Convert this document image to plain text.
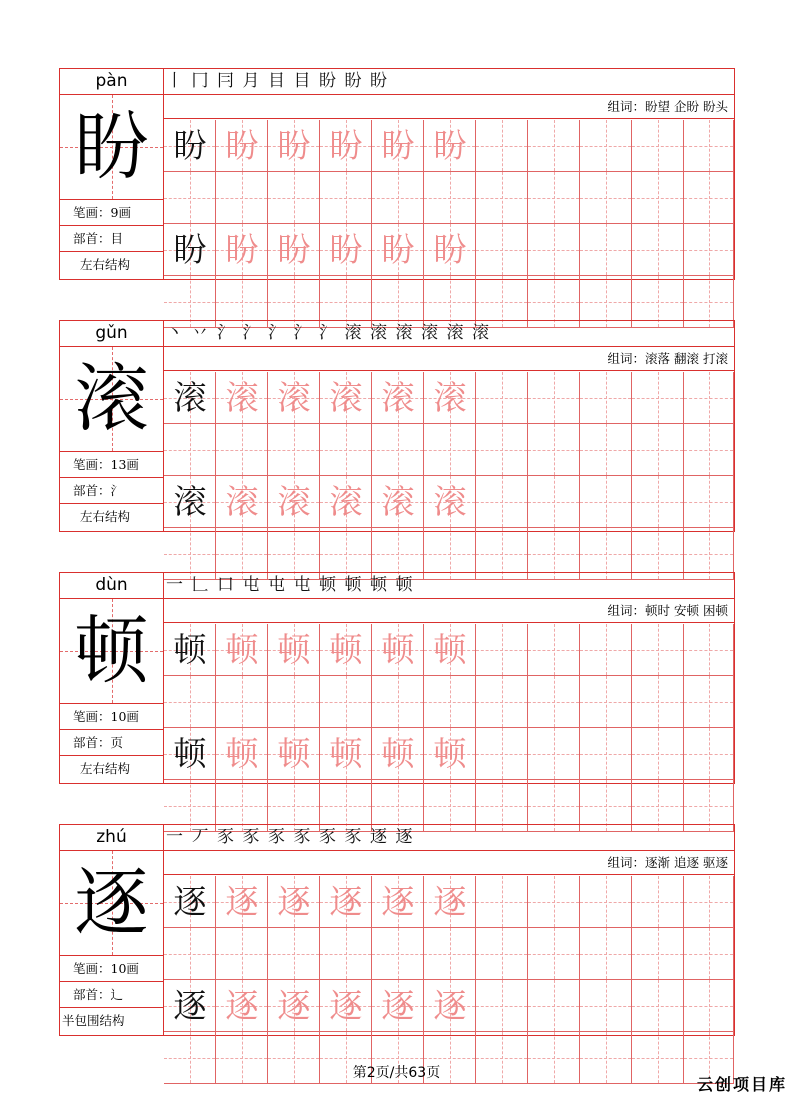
pàn
盼
笔画：9画
部首：目
左右结构
丨 冂 冃 月 目 目 盼 盼 盼
组词：盼望 企盼 盼头
盼 盼 盼 盼 盼 盼
盼 盼 盼 盼 盼 盼
gǔn
滚
笔画：13画
部首：氵
左右结构
丶 丷 氵 氵 氵 氵 氵 滚 滚 滚 滚 滚 滚
组词：滚落 翻滚 打滚
滚 滚 滚 滚 滚 滚
滚 滚 滚 滚 滚 滚
dùn
顿
笔画：10画
部首：页
左右结构
一 𠃊 口 屯 屯 屯 顿 顿 顿 顿
组词：顿时 安顿 困顿
顿 顿 顿 顿 顿 顿
顿 顿 顿 顿 顿 顿
zhú
逐
笔画：10画
部首：辶
半包围结构
一 丆 豕 豕 豕 豕 豕 豕 逐 逐
组词：逐渐 追逐 驱逐
逐 逐 逐 逐 逐 逐
逐 逐 逐 逐 逐 逐
第2页/共63页
云创项目库
